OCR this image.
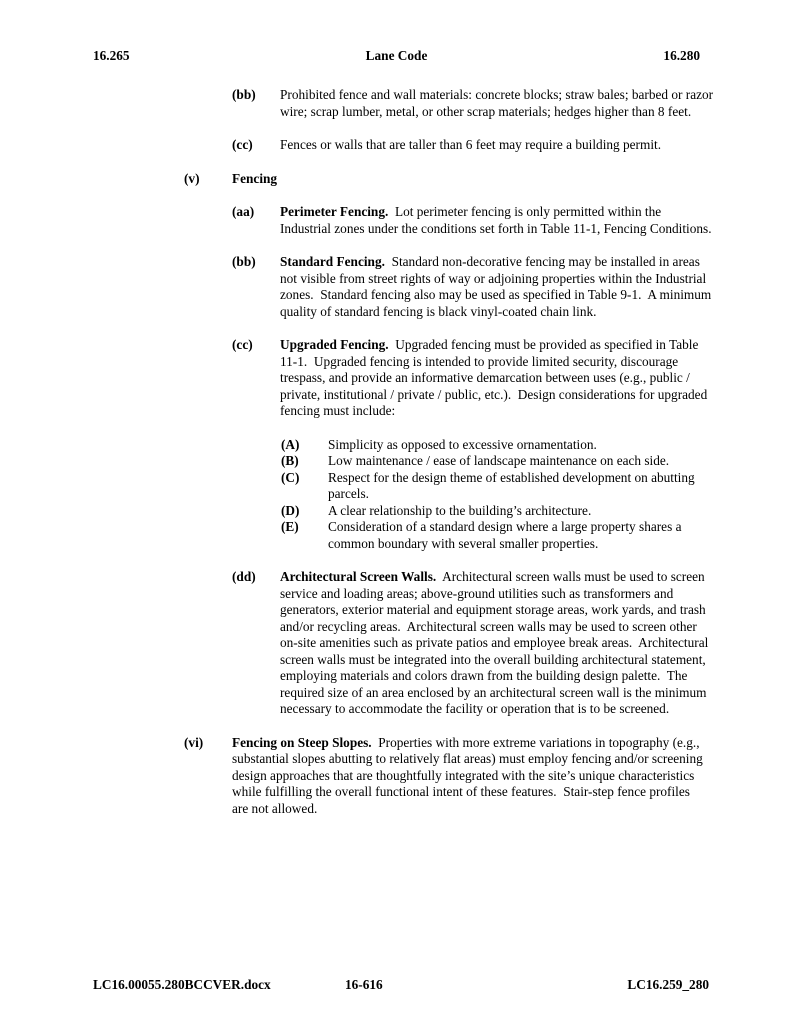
16.265	Lane Code	16.280
(bb)	Prohibited fence and wall materials: concrete blocks; straw bales; barbed or razor wire; scrap lumber, metal, or other scrap materials; hedges higher than 8 feet.
(cc)	Fences or walls that are taller than 6 feet may require a building permit.
(v)	Fencing
(aa)	Perimeter Fencing.  Lot perimeter fencing is only permitted within the Industrial zones under the conditions set forth in Table 11-1, Fencing Conditions.
(bb)	Standard Fencing.  Standard non-decorative fencing may be installed in areas not visible from street rights of way or adjoining properties within the Industrial zones.  Standard fencing also may be used as specified in Table 9-1.  A minimum quality of standard fencing is black vinyl-coated chain link.
(cc)	Upgraded Fencing.  Upgraded fencing must be provided as specified in Table 11-1.  Upgraded fencing is intended to provide limited security, discourage trespass, and provide an informative demarcation between uses (e.g., public / private, institutional / private / public, etc.).  Design considerations for upgraded fencing must include:
(A)	Simplicity as opposed to excessive ornamentation.
(B)	Low maintenance / ease of landscape maintenance on each side.
(C)	Respect for the design theme of established development on abutting parcels.
(D)	A clear relationship to the building’s architecture.
(E)	Consideration of a standard design where a large property shares a common boundary with several smaller properties.
(dd)	Architectural Screen Walls.  Architectural screen walls must be used to screen service and loading areas; above-ground utilities such as transformers and generators, exterior material and equipment storage areas, work yards, and trash and/or recycling areas.  Architectural screen walls may be used to screen other on-site amenities such as private patios and employee break areas.  Architectural screen walls must be integrated into the overall building architectural statement, employing materials and colors drawn from the building design palette.  The required size of an area enclosed by an architectural screen wall is the minimum necessary to accommodate the facility or operation that is to be screened.
(vi)	Fencing on Steep Slopes.  Properties with more extreme variations in topography (e.g., substantial slopes abutting to relatively flat areas) must employ fencing and/or screening design approaches that are thoughtfully integrated with the site’s unique characteristics while fulfilling the overall functional intent of these features.  Stair-step fence profiles are not allowed.
LC16.00055.280BCCVER.docx	16-616	LC16.259_280
